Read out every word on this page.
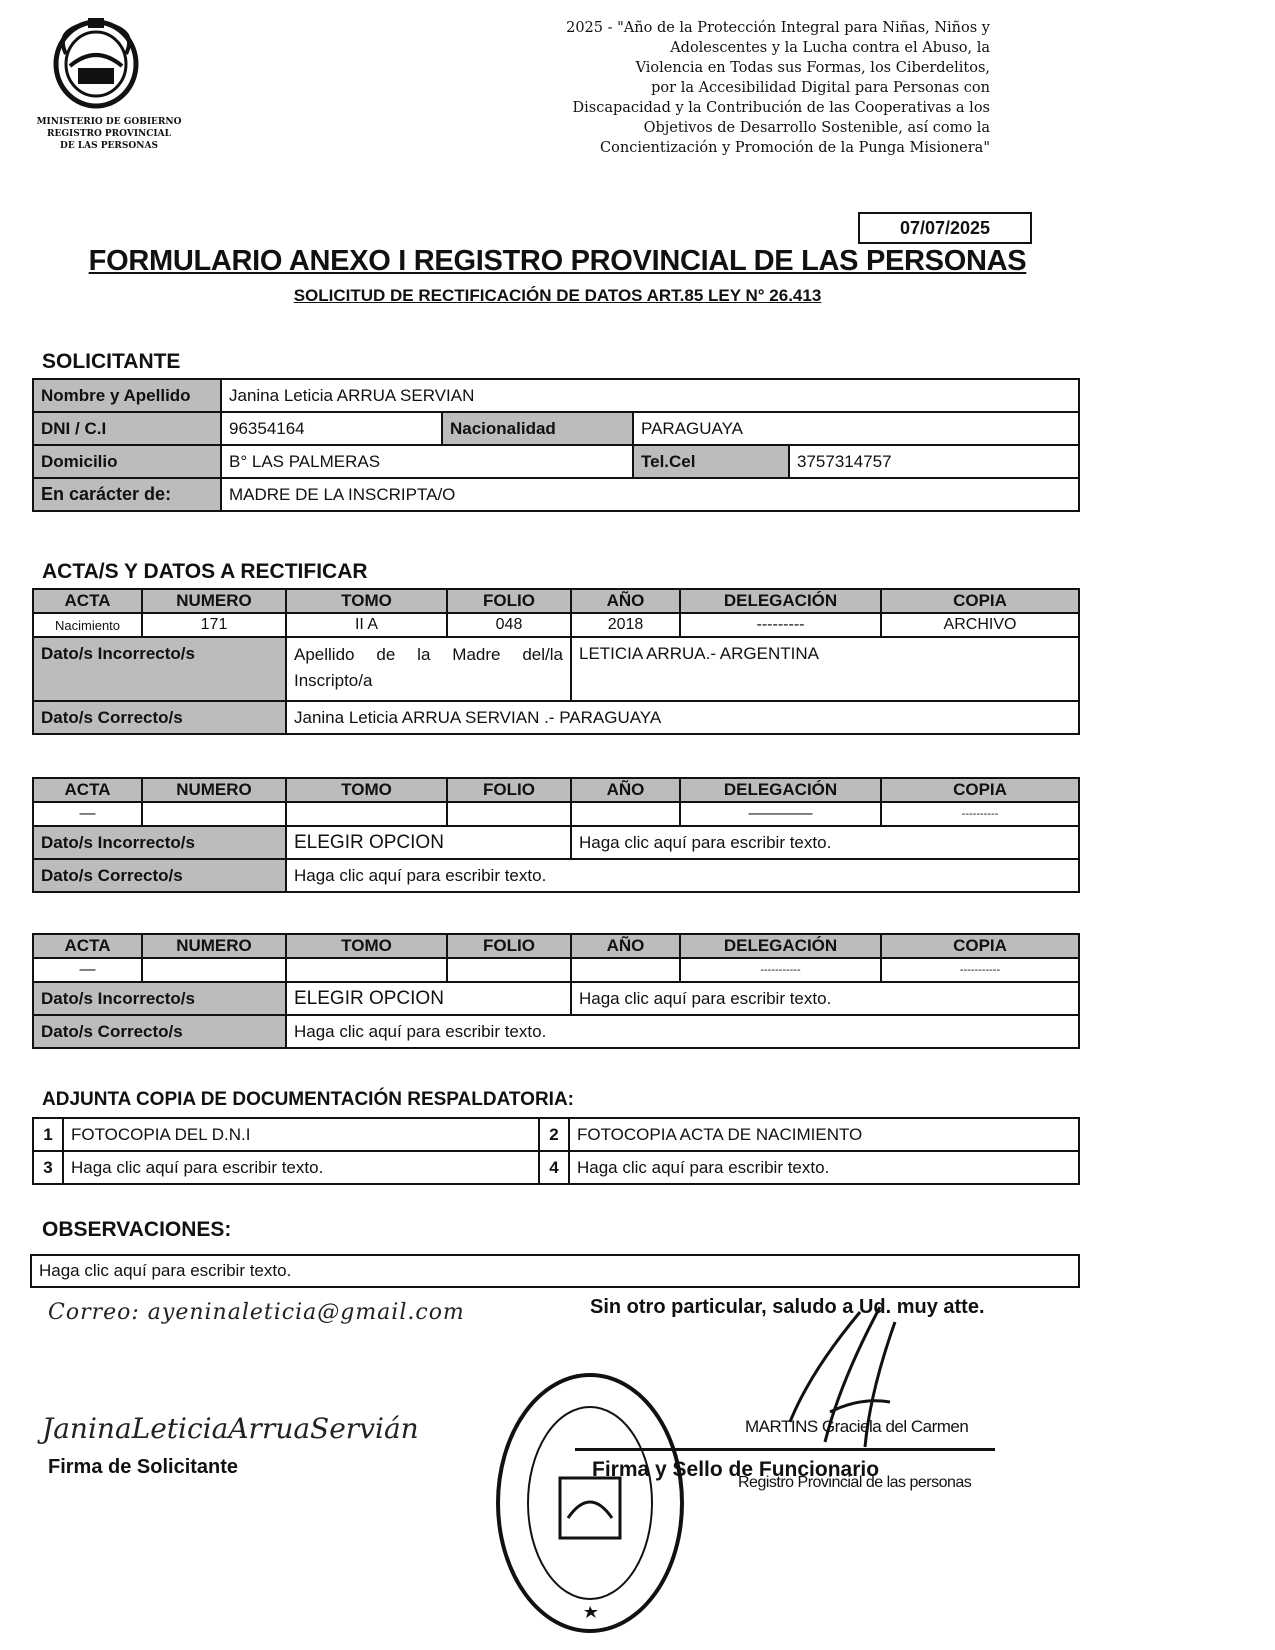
MINISTERIO DE GOBIERNO
REGISTRO PROVINCIAL
DE LAS PERSONAS
2025 - "Año de la Protección Integral para Niñas, Niños y
Adolescentes y la Lucha contra el Abuso, la
Violencia en Todas sus Formas, los Ciberdelitos,
por la Accesibilidad Digital para Personas con
Discapacidad y la Contribución de las Cooperativas a los
Objetivos de Desarrollo Sostenible, así como la
Concientización y Promoción de la Punga Misionera"
07/07/2025
FORMULARIO ANEXO I REGISTRO PROVINCIAL DE LAS PERSONAS
SOLICITUD DE RECTIFICACIÓN DE DATOS ART.85 LEY N° 26.413
SOLICITANTE
Nombre y Apellido	Janina Leticia ARRUA SERVIAN			
DNI / C.I	96354164	Nacionalidad	PARAGUAYA	
Domicilio	B° LAS PALMERAS		Tel.Cel	3757314757
En carácter de:	MADRE DE LA INSCRIPTA/O			
ACTA/S Y DATOS A RECTIFICAR
ACTA	NUMERO	TOMO	FOLIO	AÑO	DELEGACIÓN	COPIA
Nacimiento	171	II A	048	2018	---------	ARCHIVO
Dato/s Incorrecto/s		Apellido de la Madre del/la Inscripto/a		LETICIA ARRUA.- ARGENTINA		
Dato/s Correcto/s		Janina Leticia ARRUA SERVIAN .- PARAGUAYA				
ACTA	NUMERO	TOMO	FOLIO	AÑO	DELEGACIÓN	COPIA
—					————	----------
Dato/s Incorrecto/s		ELEGIR OPCION		Haga clic aquí para escribir texto.		
Dato/s Correcto/s		Haga clic aquí para escribir texto.				
ACTA	NUMERO	TOMO	FOLIO	AÑO	DELEGACIÓN	COPIA
—					-----------	-----------
Dato/s Incorrecto/s		ELEGIR OPCION		Haga clic aquí para escribir texto.		
Dato/s Correcto/s		Haga clic aquí para escribir texto.				
ADJUNTA COPIA DE DOCUMENTACIÓN RESPALDATORIA:
1	FOTOCOPIA DEL D.N.I	2	FOTOCOPIA ACTA DE NACIMIENTO
3	Haga clic aquí para escribir texto.	4	Haga clic aquí para escribir texto.
OBSERVACIONES:
Haga clic aquí para escribir texto.
Correo: ayeninaleticia@gmail.com	Sin otro particular, saludo a Ud. muy atte.
JaninaLeticiaArruaServián
Firma de Solicitante
MARTINS Graciela del Carmen
Firma y Sello de Funcionario
Registro Provincial de las personas
